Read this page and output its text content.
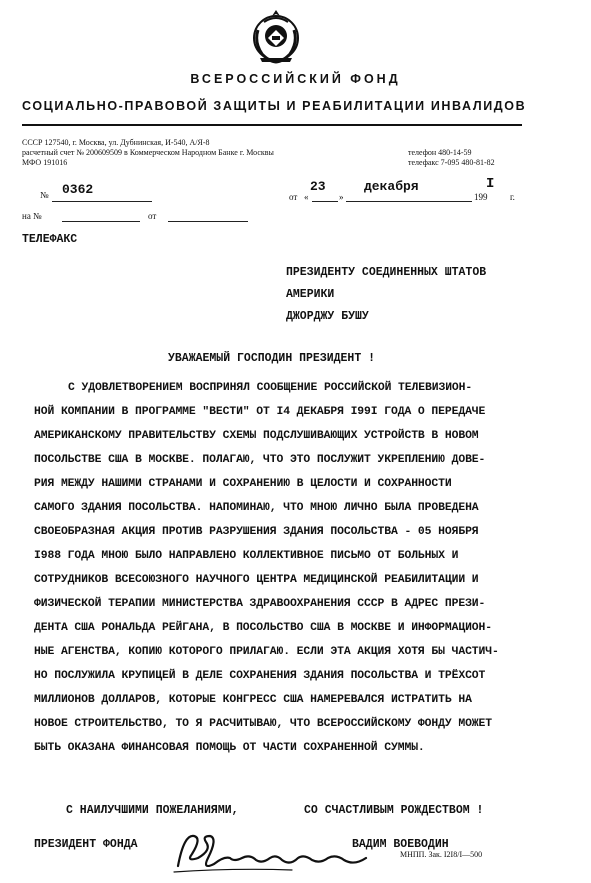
ВСЕРОССИЙСКИЙ ФОНД
СОЦИАЛЬНО-ПРАВОВОЙ ЗАЩИТЫ И РЕАБИЛИТАЦИИ ИНВАЛИДОВ
СССР 127540, г. Москва, ул. Дубнинская, И-540, А/Я-8
расчетный счет № 200609509 в Коммерческом Народном Банке г. Москвы
МФО 191016
телефон 480-14-59
телефакс 7-095 480-81-82
№ 0362	от «
23
»
декабря
199
I
г.
на №	от
ТЕЛЕФАКС
ПРЕЗИДЕНТУ СОЕДИНЕННЫХ ШТАТОВ
АМЕРИКИ
ДЖОРДЖУ БУШУ
УВАЖАЕМЫЙ ГОСПОДИН ПРЕЗИДЕНТ !
С УДОВЛЕТВОРЕНИЕМ ВОСПРИНЯЛ СООБЩЕНИЕ РОССИЙСКОЙ ТЕЛЕВИЗИОН-
НОЙ КОМПАНИИ В ПРОГРАММЕ "ВЕСТИ" ОТ I4 ДЕКАБРЯ I99I ГОДА О ПЕРЕДАЧЕ
АМЕРИКАНСКОМУ ПРАВИТЕЛЬСТВУ СХЕМЫ ПОДСЛУШИВАЮЩИХ УСТРОЙСТВ В НОВОМ
ПОСОЛЬСТВЕ США В МОСКВЕ. ПОЛАГАЮ, ЧТО ЭТО ПОСЛУЖИТ УКРЕПЛЕНИЮ ДОВЕ-
РИЯ МЕЖДУ НАШИМИ СТРАНАМИ И СОХРАНЕНИЮ В ЦЕЛОСТИ И СОХРАННОСТИ
САМОГО ЗДАНИЯ ПОСОЛЬСТВА. НАПОМИНАЮ, ЧТО МНОЮ ЛИЧНО БЫЛА ПРОВЕДЕНА
СВОЕОБРАЗНАЯ АКЦИЯ ПРОТИВ РАЗРУШЕНИЯ ЗДАНИЯ ПОСОЛЬСТВА - 05 НОЯБРЯ
I988 ГОДА МНОЮ БЫЛО НАПРАВЛЕНО КОЛЛЕКТИВНОЕ ПИСЬМО ОТ БОЛЬНЫХ И
СОТРУДНИКОВ ВСЕСОЮЗНОГО НАУЧНОГО ЦЕНТРА МЕДИЦИНСКОЙ РЕАБИЛИТАЦИИ И
ФИЗИЧЕСКОЙ ТЕРАПИИ МИНИСТЕРСТВА ЗДРАВООХРАНЕНИЯ СССР В АДРЕС ПРЕЗИ-
ДЕНТА США РОНАЛЬДА РЕЙГАНА, В ПОСОЛЬСТВО США В МОСКВЕ И ИНФОРМАЦИОН-
НЫЕ АГЕНСТВА, КОПИЮ КОТОРОГО ПРИЛАГАЮ. ЕСЛИ ЭТА АКЦИЯ ХОТЯ БЫ ЧАСТИЧ-
НО ПОСЛУЖИЛА КРУПИЦЕЙ В ДЕЛЕ СОХРАНЕНИЯ ЗДАНИЯ ПОСОЛЬСТВА И ТРЁХСОТ
МИЛЛИОНОВ ДОЛЛАРОВ, КОТОРЫЕ КОНГРЕСС США НАМЕРЕВАЛСЯ ИСТРАТИТЬ НА
НОВОЕ СТРОИТЕЛЬСТВО, ТО Я РАСЧИТЫВАЮ, ЧТО ВСЕРОССИЙСКОМУ ФОНДУ МОЖЕТ
БЫТЬ ОКАЗАНА ФИНАНСОВАЯ ПОМОЩЬ ОТ ЧАСТИ СОХРАНЕННОЙ СУММЫ.
С НАИЛУЧШИМИ ПОЖЕЛАНИЯМИ,	СО СЧАСТЛИВЫМ РОЖДЕСТВОМ !
ПРЕЗИДЕНТ ФОНДА	ВАДИМ ВОЕВОДИН
МНПП. Зак. I2I8/I—500
